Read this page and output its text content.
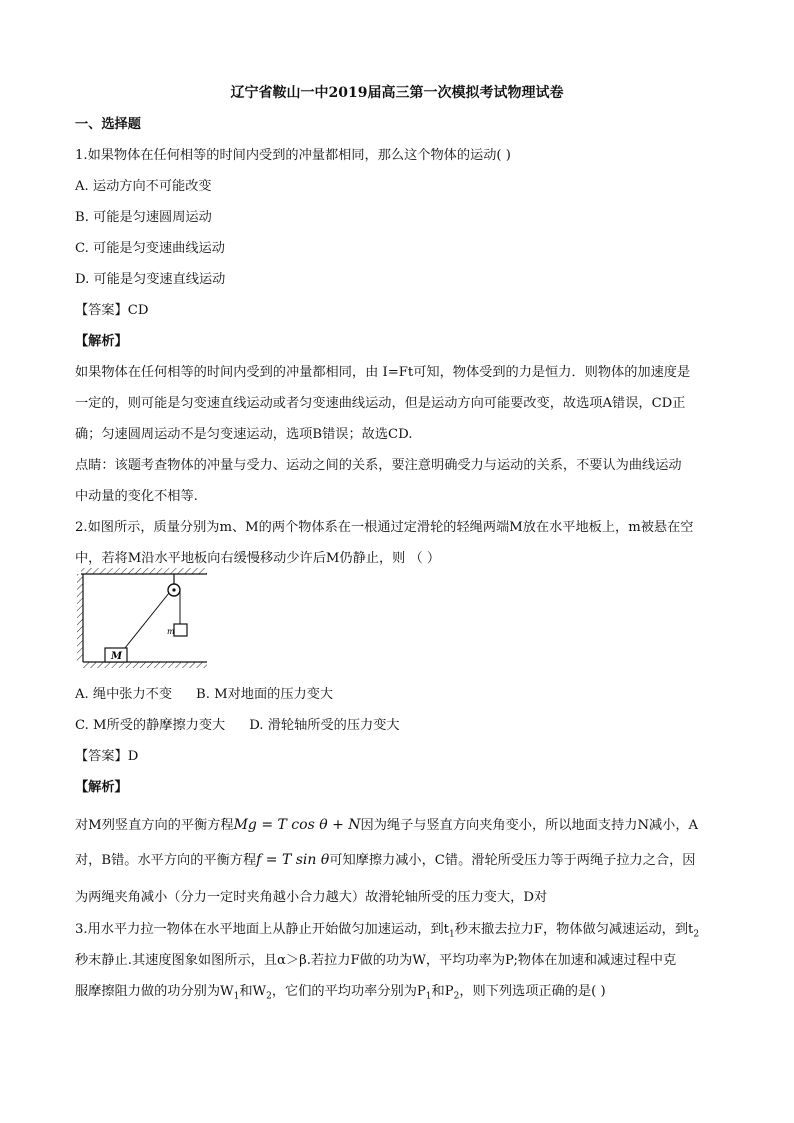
辽宁省鞍山一中2019届高三第一次模拟考试物理试卷
一、选择题
1.如果物体在任何相等的时间内受到的冲量都相同，那么这个物体的运动( )
A. 运动方向不可能改变
B. 可能是匀速圆周运动
C. 可能是匀变速曲线运动
D. 可能是匀变速直线运动
【答案】CD
【解析】
如果物体在任何相等的时间内受到的冲量都相同，由 I=Ft可知，物体受到的力是恒力．则物体的加速度是
一定的，则可能是匀变速直线运动或者匀变速曲线运动，但是运动方向可能要改变，故选项A错误，CD正
确；匀速圆周运动不是匀变速运动，选项B错误；故选CD.
点睛：该题考查物体的冲量与受力、运动之间的关系，要注意明确受力与运动的关系，不要认为曲线运动
中动量的变化不相等.
2.如图所示，质量分别为m、M的两个物体系在一根通过定滑轮的轻绳两端M放在水平地板上，m被悬在空
中，若将M沿水平地板向右缓慢移动少许后M仍静止，则 （ ）
m
M
A. 绳中张力不变 B. M对地面的压力变大
C. M所受的静摩擦力变大 D. 滑轮轴所受的压力变大
【答案】D
【解析】
对M列竖直方向的平衡方程Mg = T cos θ + N因为绳子与竖直方向夹角变小，所以地面支持力N减小，A
对，B错。水平方向的平衡方程f = T sin θ可知摩擦力减小，C错。滑轮所受压力等于两绳子拉力之合，因
为两绳夹角减小（分力一定时夹角越小合力越大）故滑轮轴所受的压力变大，D对
3.用水平力拉一物体在水平地面上从静止开始做匀加速运动，到$t_1$秒末撤去拉力F，物体做匀减速运动，到$t_2$
秒末静止.其速度图象如图所示，且α＞β.若拉力F做的功为W，平均功率为P;物体在加速和减速过程中克
服摩擦阻力做的功分别为$W_1$和$W_2$，它们的平均功率分别为$P_1$和$P_2$，则下列选项正确的是( )
